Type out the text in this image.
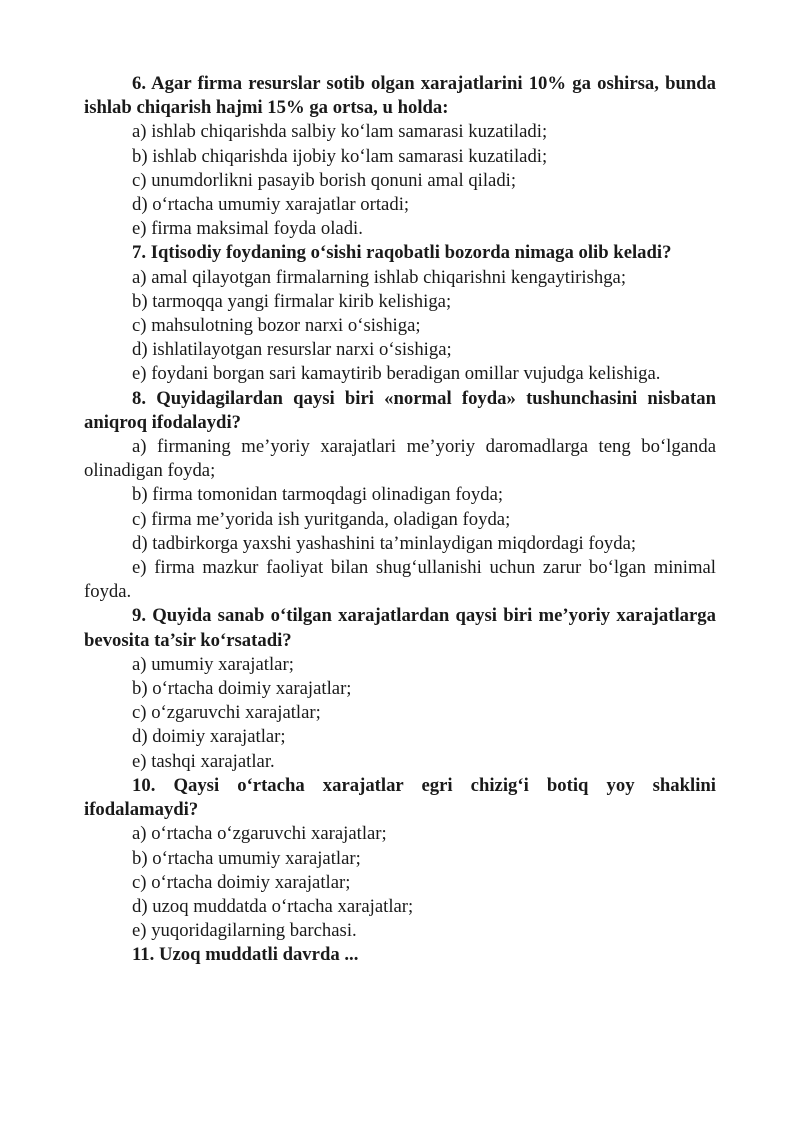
6. Agar firma resurslar sotib olgan xarajatlarini 10% ga oshirsa, bunda ishlab chiqarish hajmi 15% ga ortsa, u holda:

a) ishlab chiqarishda salbiy ko‘lam samarasi kuzatiladi;

b) ishlab chiqarishda ijobiy ko‘lam samarasi kuzatiladi;

c) unumdorlikni pasayib borish qonuni amal qiladi;

d) o‘rtacha umumiy xarajatlar ortadi;

e) firma maksimal foyda oladi.

7. Iqtisodiy foydaning o‘sishi raqobatli bozorda nimaga olib keladi?

a) amal qilayotgan firmalarning ishlab chiqarishni kengaytirishga;

b) tarmoqqa yangi firmalar kirib kelishiga;

c) mahsulotning bozor narxi o‘sishiga;

d) ishlatilayotgan resurslar narxi o‘sishiga;

e) foydani borgan sari kamaytirib beradigan omillar vujudga kelishiga.

8. Quyidagilardan qaysi biri «normal foyda» tushunchasini nisbatan aniqroq ifodalaydi?

a) firmaning me’yoriy xarajatlari me’yoriy daromadlarga teng bo‘lganda olinadigan foyda;

b) firma tomonidan tarmoqdagi olinadigan foyda;

c) firma me’yorida ish yuritganda, oladigan foyda;

d) tadbirkorga yaxshi yashashini ta’minlaydigan miqdordagi foyda;

e) firma mazkur faoliyat bilan shug‘ullanishi uchun zarur bo‘lgan minimal foyda.

9. Quyida sanab o‘tilgan xarajatlardan qaysi biri me’yoriy xarajatlarga bevosita ta’sir ko‘rsatadi?

a) umumiy xarajatlar;

b) o‘rtacha doimiy xarajatlar;

c) o‘zgaruvchi xarajatlar;

d) doimiy xarajatlar;

e) tashqi xarajatlar.

10. Qaysi o‘rtacha xarajatlar egri chizig‘i botiq yoy shaklini ifodalamaydi?

a) o‘rtacha o‘zgaruvchi xarajatlar;

b) o‘rtacha umumiy xarajatlar;

c) o‘rtacha doimiy xarajatlar;

d) uzoq muddatda o‘rtacha xarajatlar;

e) yuqoridagilarning barchasi.

11. Uzoq muddatli davrda ...
